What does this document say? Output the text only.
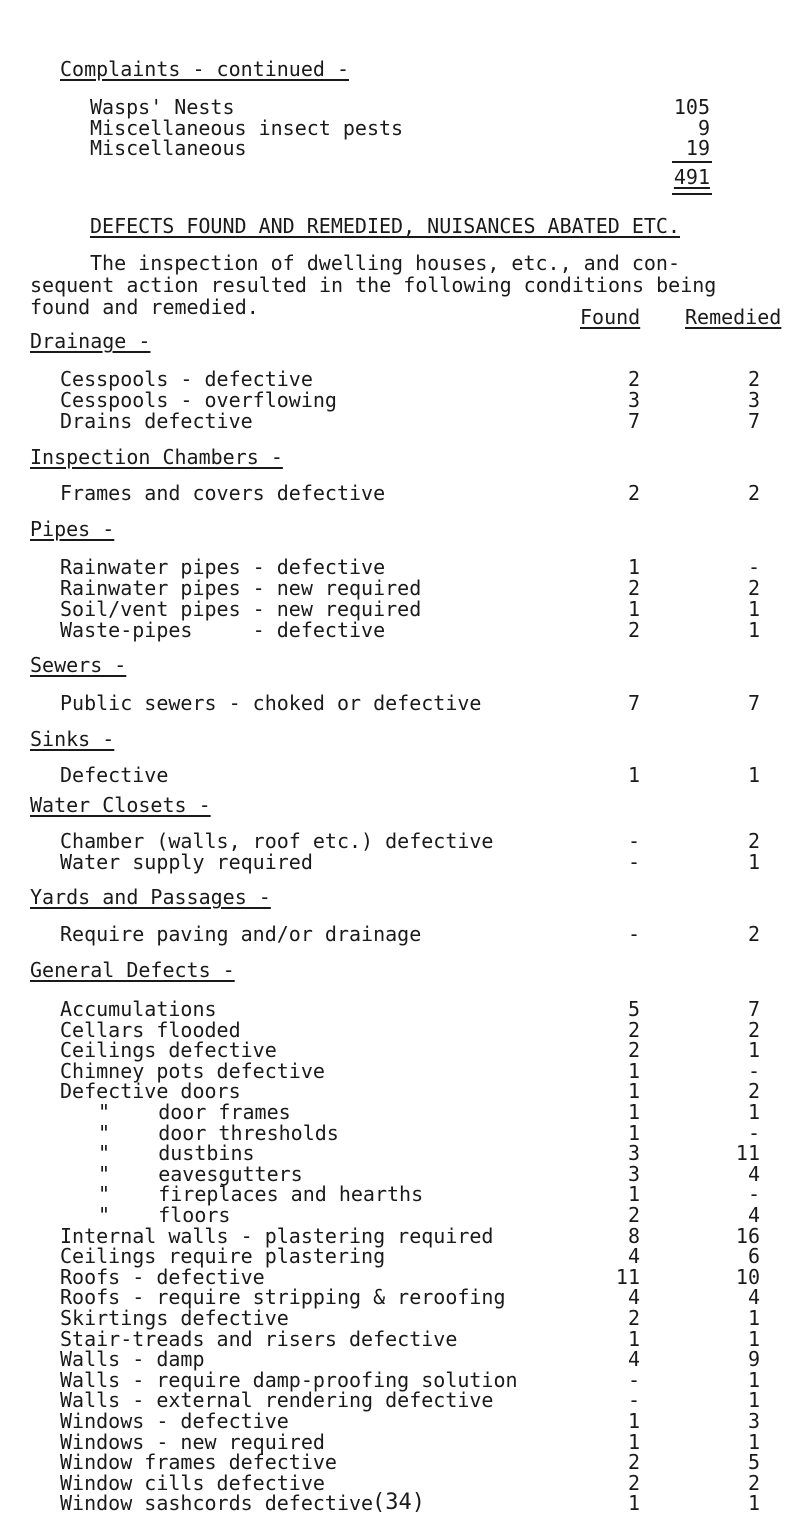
Complaints - continued -
Wasps' Nests	105
Miscellaneous insect pests	9
Miscellaneous	19
491
DEFECTS FOUND AND REMEDIED, NUISANCES ABATED ETC.
The inspection of dwelling houses, etc., and con-
sequent action resulted in the following conditions being
found and remedied.	Found Remedied
Drainage -
Cesspools - defective	2	2
Cesspools - overflowing	3	3
Drains defective	7	7
Inspection Chambers -
Frames and covers defective	2	2
Pipes -
Rainwater pipes - defective	1	-
Rainwater pipes - new required	2	2
Soil/vent pipes - new required	1	1
Waste-pipes     - defective	2	1
Sewers -
Public sewers - choked or defective	7	7
Sinks -
Defective	1	1
Water Closets -
Chamber (walls, roof etc.) defective	-	2
Water supply required	-	1
Yards and Passages -
Require paving and/or drainage	-	2
General Defects -
Accumulations	5	7
Cellars flooded	2	2
Ceilings defective	2	1
Chimney pots defective	1	-
Defective doors	1	2
"    door frames	1	1
"    door thresholds	1	-
"    dustbins	3	11
"    eavesgutters	3	4
"    fireplaces and hearths	1	-
"    floors	2	4
Internal walls - plastering required	8	16
Ceilings require plastering	4	6
Roofs - defective	11	10
Roofs - require stripping & reroofing	4	4
Skirtings defective	2	1
Stair-treads and risers defective	1	1
Walls - damp	4	9
Walls - require damp-proofing solution	-	1
Walls - external rendering defective	-	1
Windows - defective	1	3
Windows - new required	1	1
Window frames defective	2	5
Window cills defective	2	2
Window sashcords defective	1	1
(34)
